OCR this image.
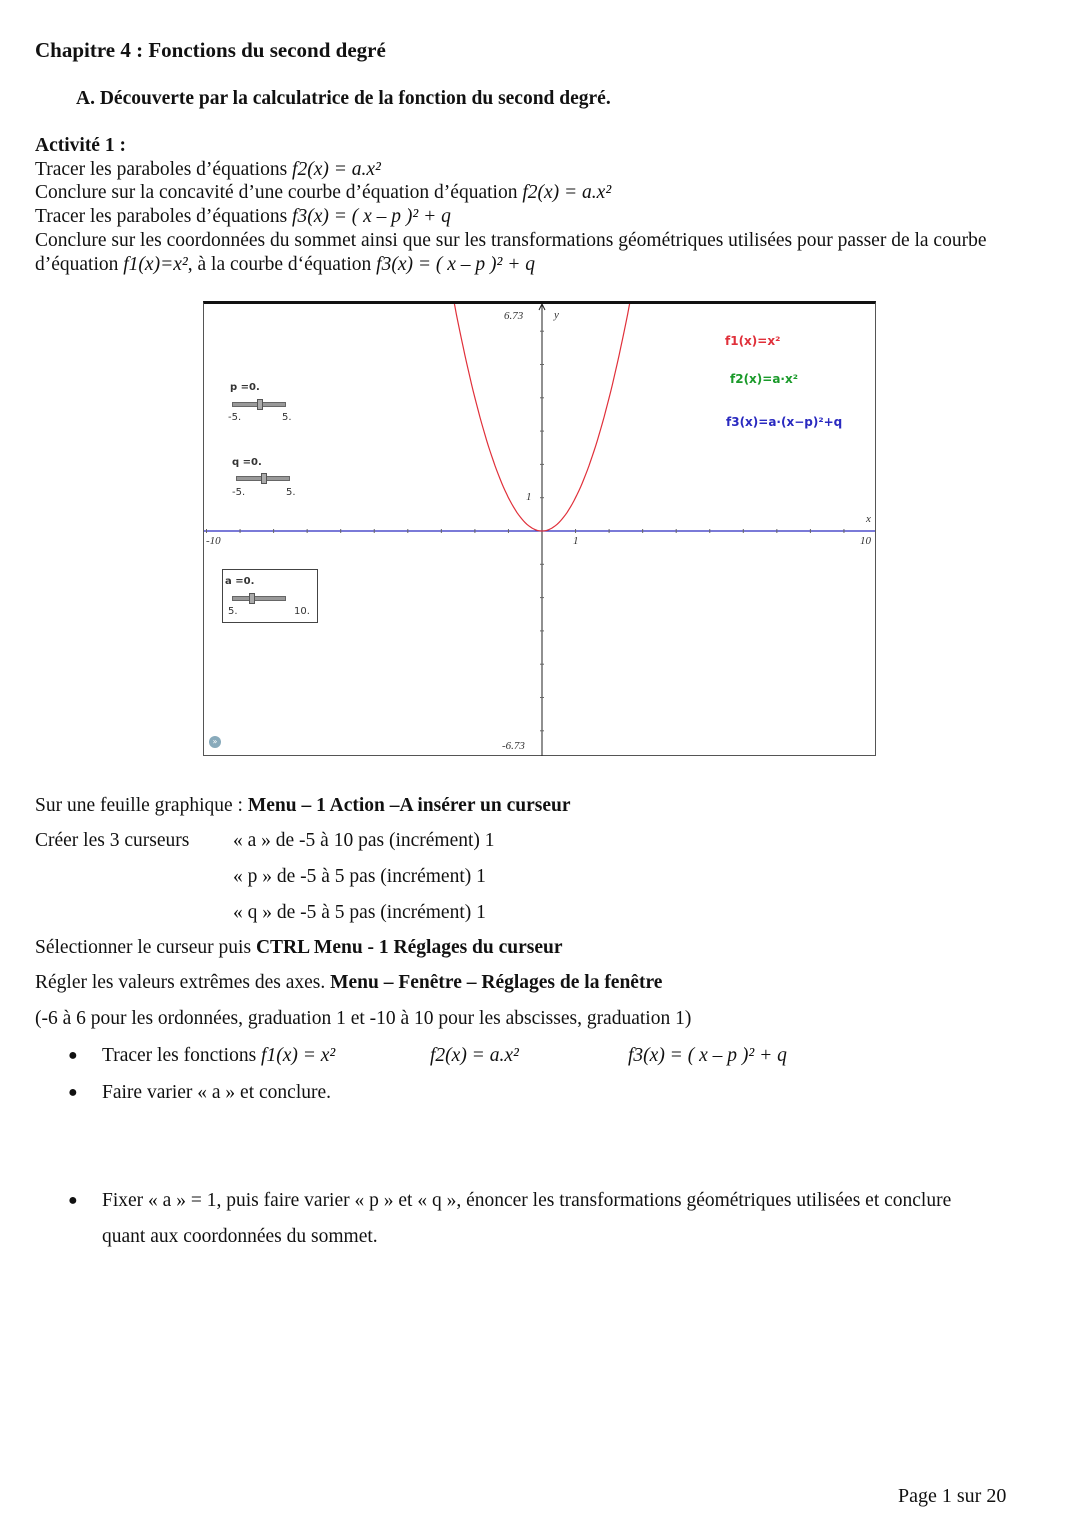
Chapitre 4 : Fonctions du second degré
A. Découverte par la calculatrice de la fonction du second degré.
Activité 1 :
Tracer les paraboles d’équations f2(x) = a.x²
Conclure sur la concavité d’une courbe d’équation d’équation f2(x) = a.x²
Tracer les paraboles d’équations f3(x) = ( x – p )² + q
Conclure sur les coordonnées du sommet ainsi que sur les transformations géométriques utilisées pour passer de la courbe
d’équation f1(x)=x², à la courbe d‘équation f3(x) = ( x – p )² + q
6.73	y
1
-10	1	10
x
-6.73
p =0.
-5.	5.
q =0.
-5.	5.
a =0.
5.	10.
f1(x)=x²
f2(x)=a·x²
f3(x)=a·(x−p)²+q
»
Sur une feuille graphique : Menu – 1 Action –A insérer un curseur
Créer les 3 curseurs « a » de -5 à 10 pas (incrément) 1
« p » de -5 à 5 pas (incrément) 1
« q » de -5 à 5 pas (incrément) 1
Sélectionner le curseur puis CTRL Menu - 1 Réglages du curseur
Régler les valeurs extrêmes des axes. Menu – Fenêtre – Réglages de la fenêtre
(-6 à 6 pour les ordonnées, graduation 1 et -10 à 10 pour les abscisses, graduation 1)
● Tracer les fonctions f1(x) = x²	f2(x) = a.x²	f3(x) = ( x – p )² + q
● Faire varier « a » et conclure.
● Fixer « a » = 1, puis faire varier « p » et « q », énoncer les transformations géométriques utilisées et conclure
quant aux coordonnées du sommet.
Page 1 sur 20
